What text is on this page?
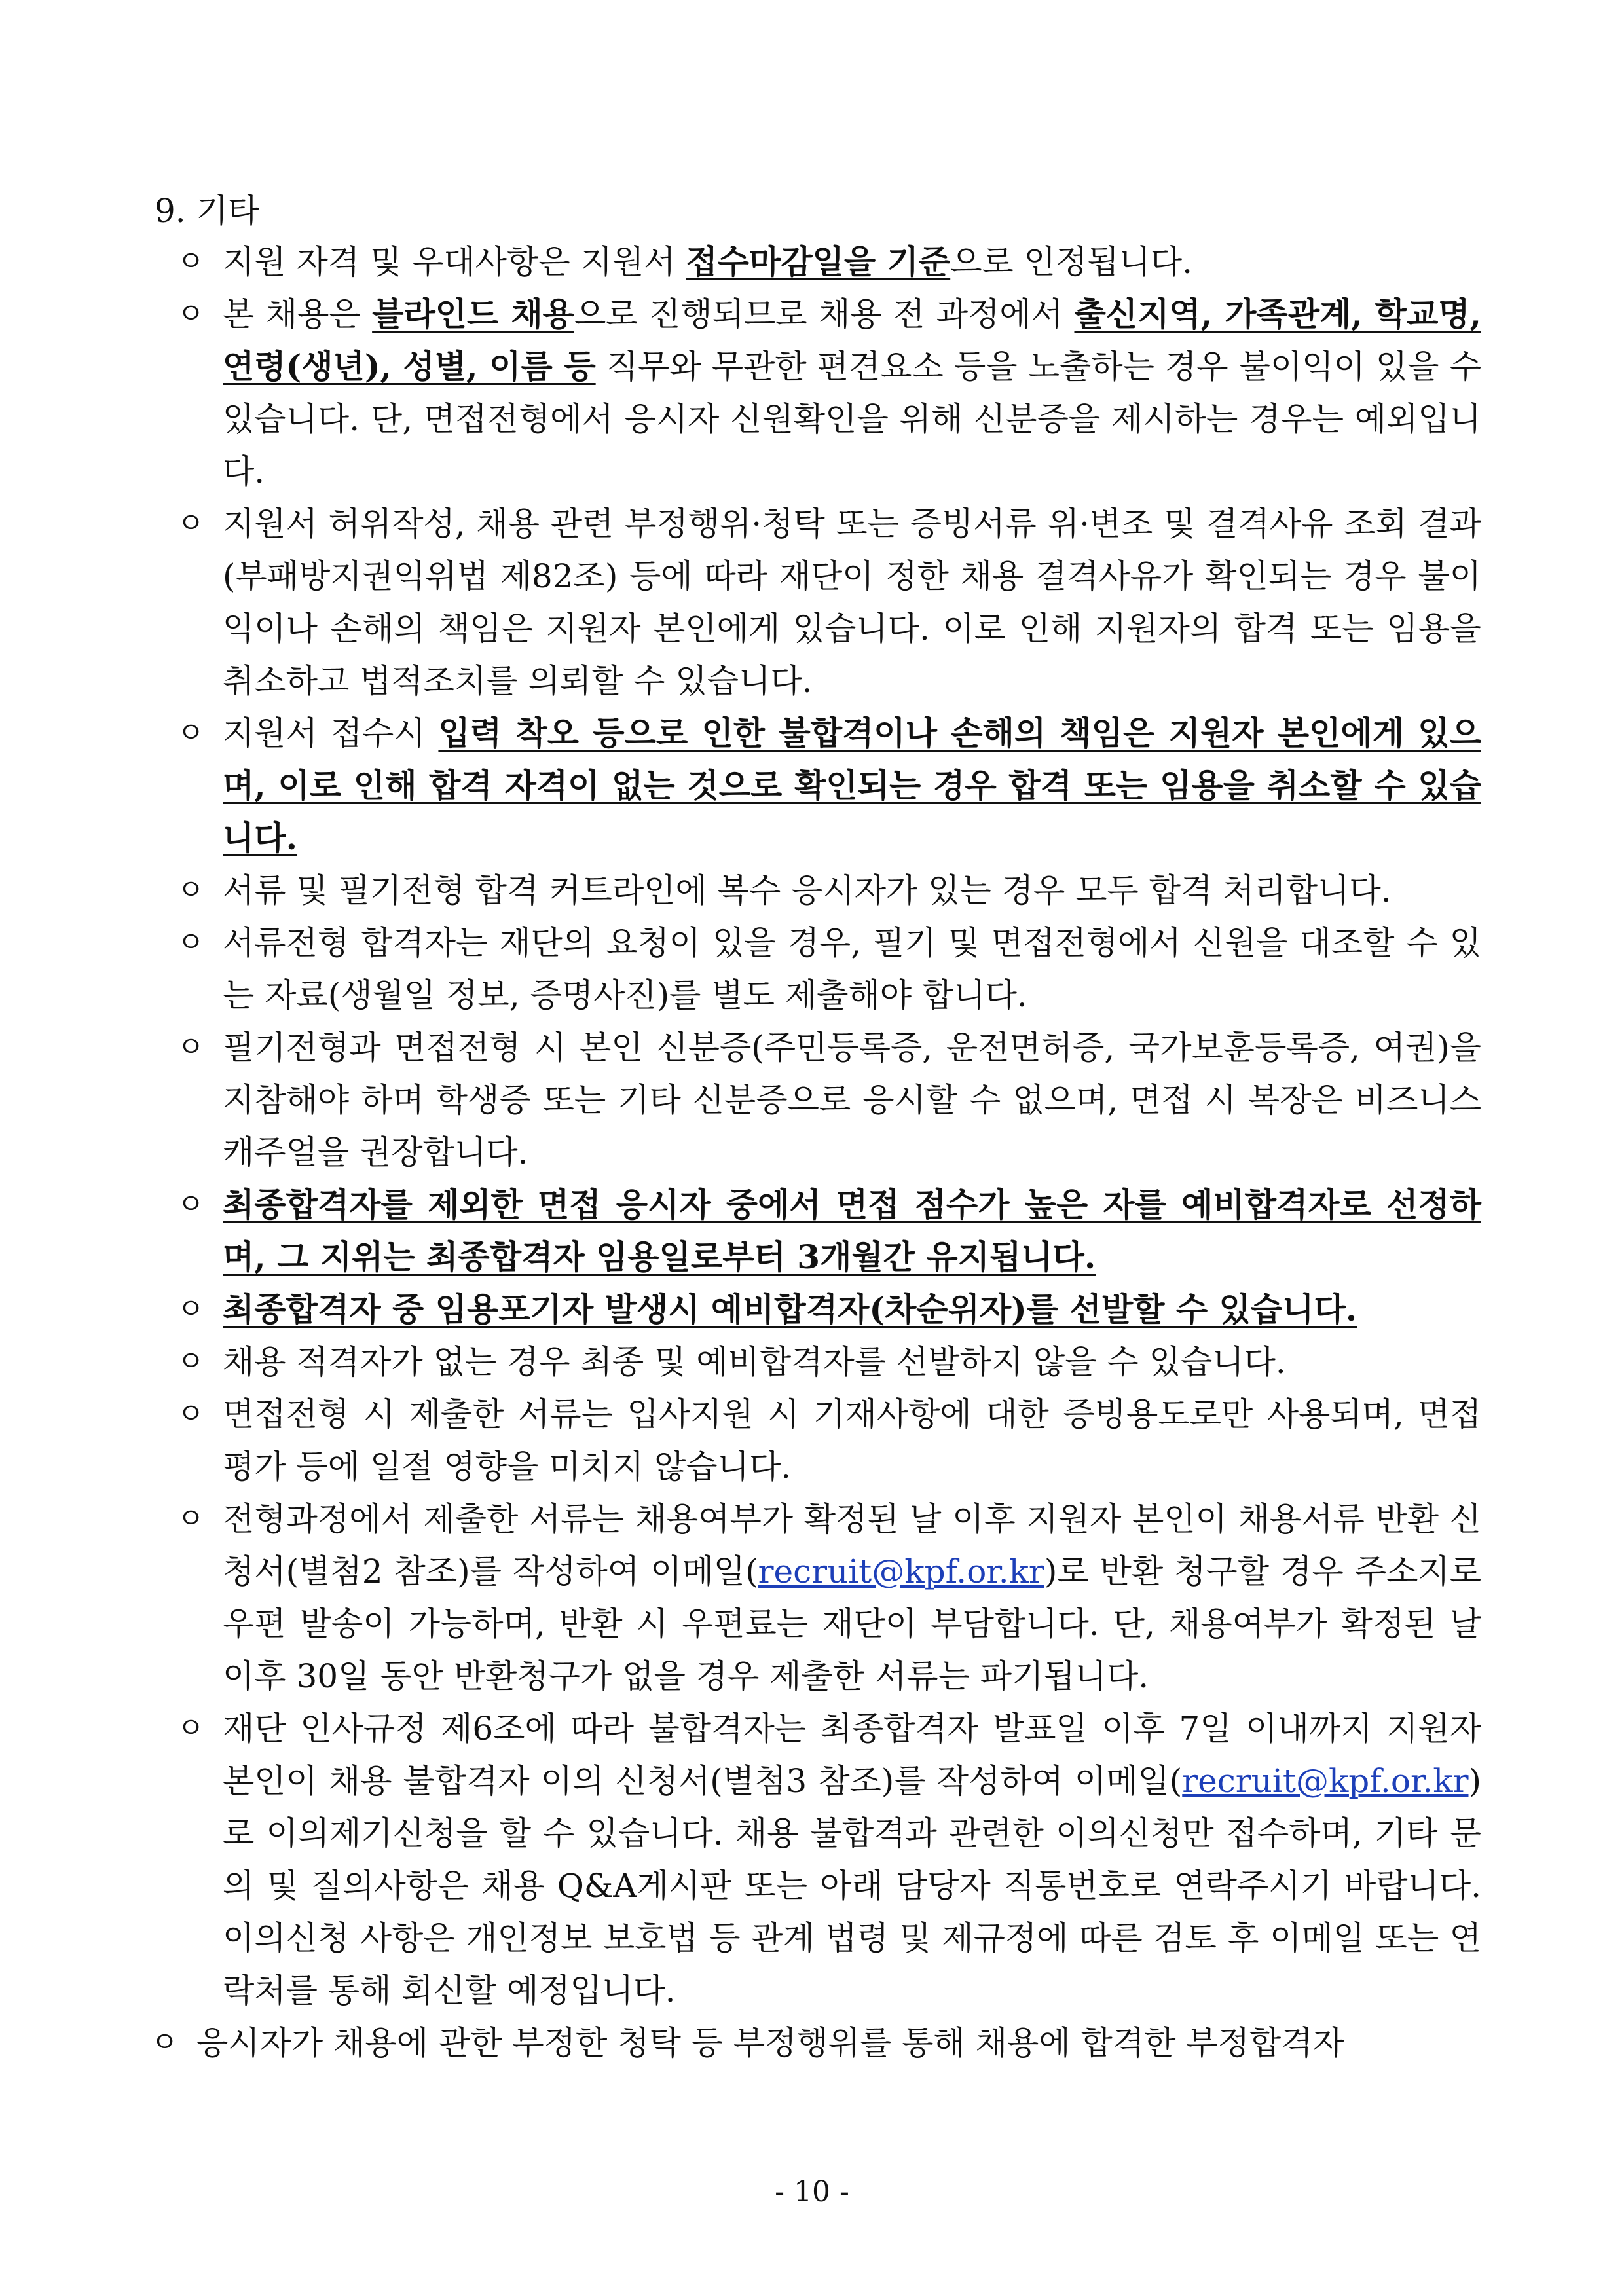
9. 기타
ㅇ 지원 자격 및 우대사항은 지원서 접수마감일을 기준으로 인정됩니다.
ㅇ 본 채용은 블라인드 채용으로 진행되므로 채용 전 과정에서 출신지역, 가족관계, 학교명, 연령(생년), 성별, 이름 등 직무와 무관한 편견요소 등을 노출하는 경우 불이익이 있을 수 있습니다. 단, 면접전형에서 응시자 신원확인을 위해 신분증을 제시하는 경우는 예외입니다.
ㅇ 지원서 허위작성, 채용 관련 부정행위·청탁 또는 증빙서류 위·변조 및 결격사유 조회 결과(부패방지권익위법 제82조) 등에 따라 재단이 정한 채용 결격사유가 확인되는 경우 불이익이나 손해의 책임은 지원자 본인에게 있습니다. 이로 인해 지원자의 합격 또는 임용을 취소하고 법적조치를 의뢰할 수 있습니다.
ㅇ 지원서 접수시 입력 착오 등으로 인한 불합격이나 손해의 책임은 지원자 본인에게 있으며, 이로 인해 합격 자격이 없는 것으로 확인되는 경우 합격 또는 임용을 취소할 수 있습니다.
ㅇ 서류 및 필기전형 합격 커트라인에 복수 응시자가 있는 경우 모두 합격 처리합니다.
ㅇ 서류전형 합격자는 재단의 요청이 있을 경우, 필기 및 면접전형에서 신원을 대조할 수 있는 자료(생월일 정보, 증명사진)를 별도 제출해야 합니다.
ㅇ 필기전형과 면접전형 시 본인 신분증(주민등록증, 운전면허증, 국가보훈등록증, 여권)을 지참해야 하며 학생증 또는 기타 신분증으로 응시할 수 없으며, 면접 시 복장은 비즈니스 캐주얼을 권장합니다.
ㅇ 최종합격자를 제외한 면접 응시자 중에서 면접 점수가 높은 자를 예비합격자로 선정하며, 그 지위는 최종합격자 임용일로부터 3개월간 유지됩니다.
ㅇ 최종합격자 중 임용포기자 발생시 예비합격자(차순위자)를 선발할 수 있습니다.
ㅇ 채용 적격자가 없는 경우 최종 및 예비합격자를 선발하지 않을 수 있습니다.
ㅇ 면접전형 시 제출한 서류는 입사지원 시 기재사항에 대한 증빙용도로만 사용되며, 면접 평가 등에 일절 영향을 미치지 않습니다.
ㅇ 전형과정에서 제출한 서류는 채용여부가 확정된 날 이후 지원자 본인이 채용서류 반환 신청서(별첨2 참조)를 작성하여 이메일(recruit@kpf.or.kr)로 반환 청구할 경우 주소지로 우편 발송이 가능하며, 반환 시 우편료는 재단이 부담합니다. 단, 채용여부가 확정된 날 이후 30일 동안 반환청구가 없을 경우 제출한 서류는 파기됩니다.
ㅇ 재단 인사규정 제6조에 따라 불합격자는 최종합격자 발표일 이후 7일 이내까지 지원자 본인이 채용 불합격자 이의 신청서(별첨3 참조)를 작성하여 이메일(recruit@kpf.or.kr)로 이의제기신청을 할 수 있습니다. 채용 불합격과 관련한 이의신청만 접수하며, 기타 문의 및 질의사항은 채용 Q&A게시판 또는 아래 담당자 직통번호로 연락주시기 바랍니다. 이의신청 사항은 개인정보 보호법 등 관계 법령 및 제규정에 따른 검토 후 이메일 또는 연락처를 통해 회신할 예정입니다.
ㅇ 응시자가 채용에 관한 부정한 청탁 등 부정행위를 통해 채용에 합격한 부정합격자
- 10 -
